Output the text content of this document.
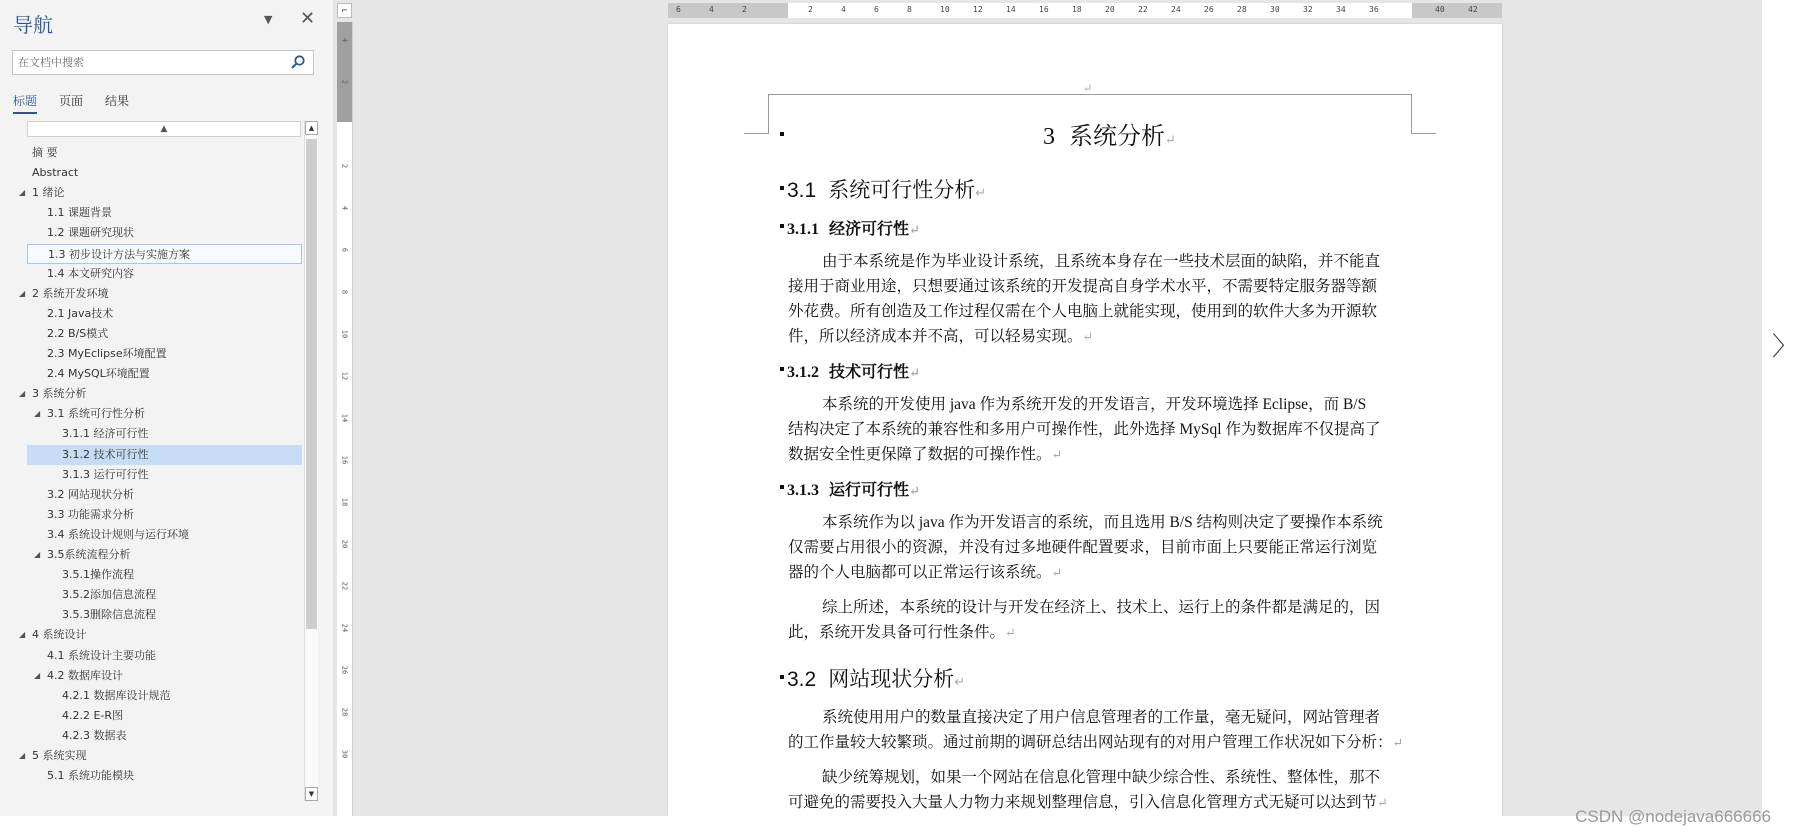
导航	▼ ✕
在文档中搜索
标题 页面 结果
▲
摘 要
Abstract
◢ 1 绪论
1.1 课题背景
1.2 课题研究现状
1.3 初步设计方法与实施方案
1.4 本文研究内容
◢ 2 系统开发环境
2.1 Java技术
2.2 B/S模式
2.3 MyEclipse环境配置
2.4 MySQL环境配置
◢ 3 系统分析
◢ 3.1 系统可行性分析
3.1.1 经济可行性
3.1.2 技术可行性
3.1.3 运行可行性
3.2 网站现状分析
3.3 功能需求分析
3.4 系统设计规则与运行环境
◢ 3.5系统流程分析
3.5.1操作流程
3.5.2添加信息流程
3.5.3删除信息流程
◢ 4 系统设计
4.1 系统设计主要功能
◢ 4.2 数据库设计
4.2.1 数据库设计规范
4.2.2 E-R图
4.2.3 数据表
◢ 5 系统实现
5.1 系统功能模块
▲
▼
⌐
4
2
2
4
6
8
10
12
14
16
18
20
22
24
26
28
30
6	4	2	2	4	6	8	10	12	14	16	18	20	22	24	26	28	30	32	34	36	40	42
↵
3 系统分析↵
3.1 系统可行性分析↵
3.1.1 经济可行性↵
由于本系统是作为毕业设计系统，且系统本身存在一些技术层面的缺陷，并不能直
接用于商业用途，只想要通过该系统的开发提高自身学术水平，不需要特定服务器等额
外花费。所有创造及工作过程仅需在个人电脑上就能实现，使用到的软件大多为开源软
件，所以经济成本并不高，可以轻易实现。↵
3.1.2 技术可行性↵
本系统的开发使用 java 作为系统开发的开发语言，开发环境选择 Eclipse，而 B/S
结构决定了本系统的兼容性和多用户可操作性，此外选择 MySql 作为数据库不仅提高了
数据安全性更保障了数据的可操作性。↵
3.1.3 运行可行性↵
本系统作为以 java 作为开发语言的系统，而且选用 B/S 结构则决定了要操作本系统
仅需要占用很小的资源，并没有过多地硬件配置要求，目前市面上只要能正常运行浏览
器的个人电脑都可以正常运行该系统。↵
综上所述，本系统的设计与开发在经济上、技术上、运行上的条件都是满足的，因
此，系统开发具备可行性条件。↵
3.2 网站现状分析↵
系统使用用户的数量直接决定了用户信息管理者的工作量，毫无疑问，网站管理者
的工作量较大较繁琐。通过前期的调研总结出网站现有的对用户管理工作状况如下分析：↵
缺少统筹规划，如果一个网站在信息化管理中缺少综合性、系统性、整体性，那不
可避免的需要投入大量人力物力来规划整理信息，引入信息化管理方式无疑可以达到节↵
〉
CSDN @nodejava666666
